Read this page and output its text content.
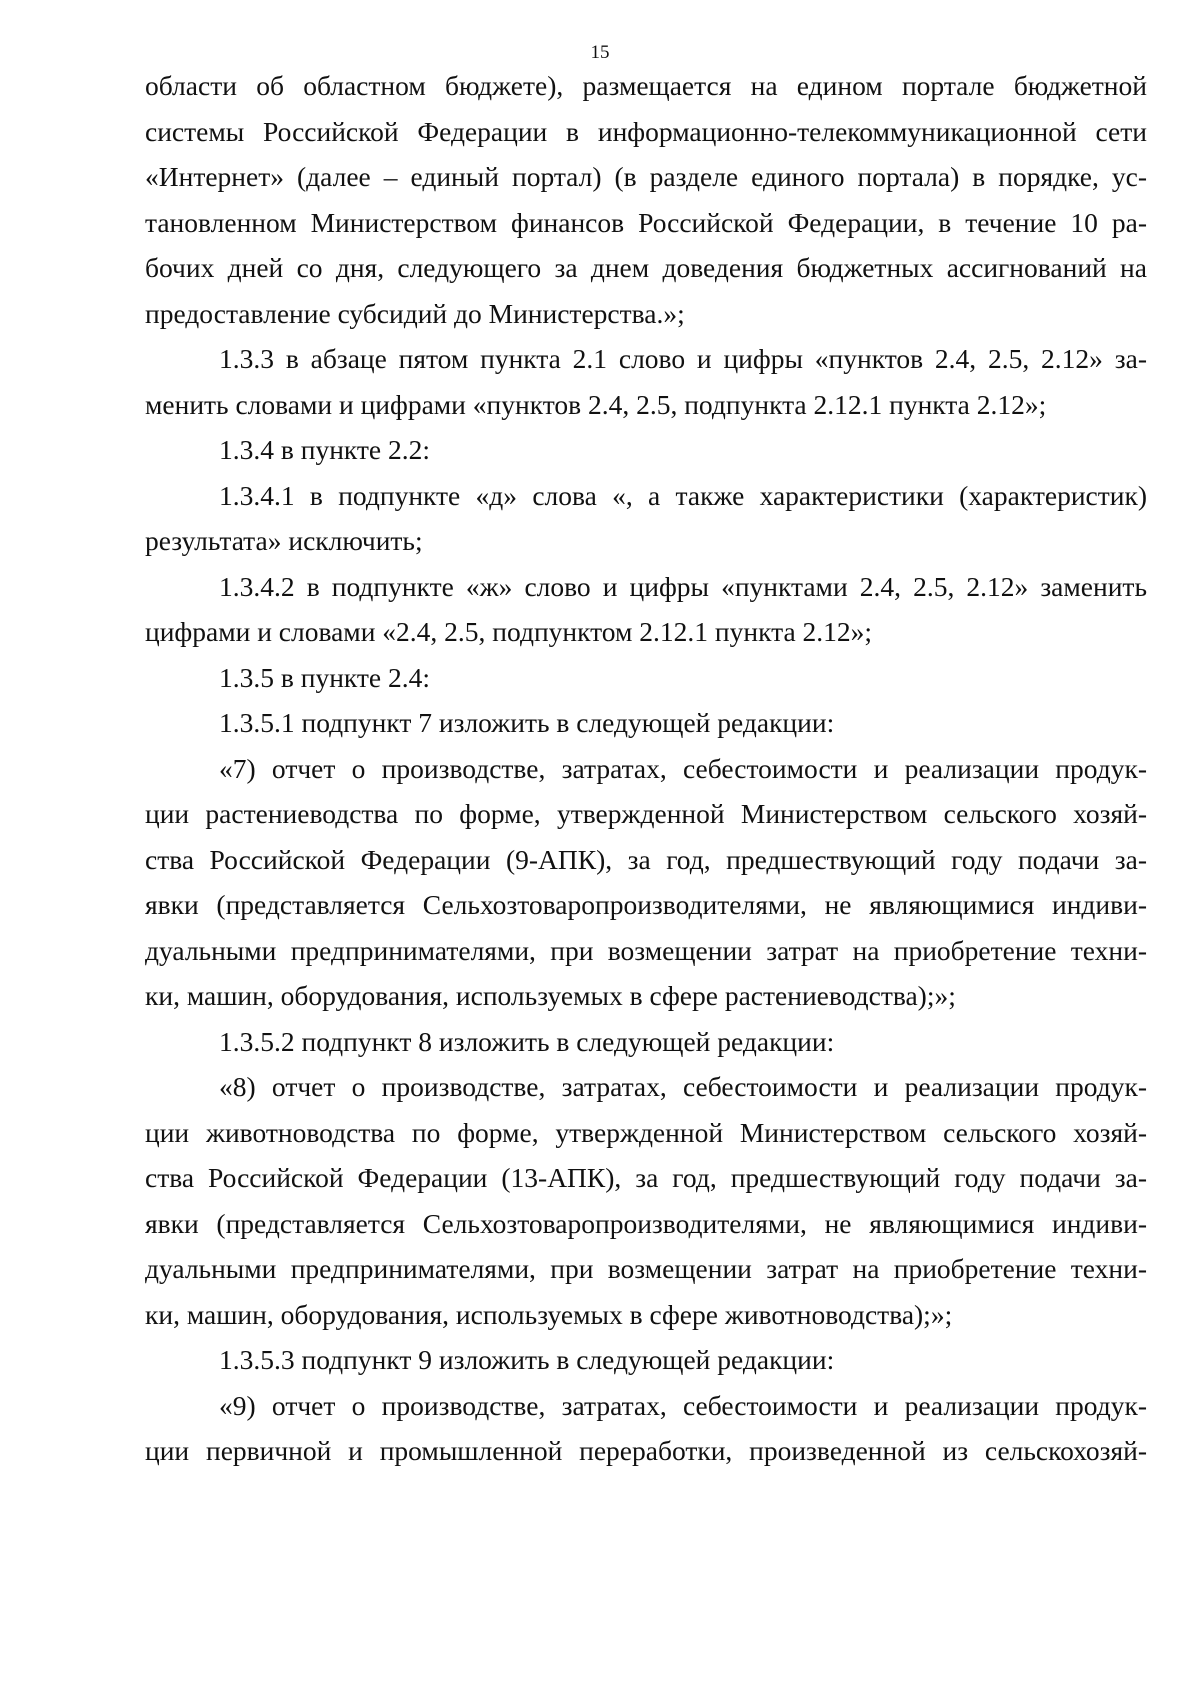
15
области об областном бюджете), размещается на едином портале бюджетной
системы Российской Федерации в информационно-телекоммуникационной сети
«Интернет» (далее – единый портал) (в разделе единого портала) в порядке, ус-
тановленном Министерством финансов Российской Федерации, в течение 10 ра-
бочих дней со дня, следующего за днем доведения бюджетных ассигнований на
предоставление субсидий до Министерства.»;
1.3.3 в абзаце пятом пункта 2.1 слово и цифры «пунктов 2.4, 2.5, 2.12» за-
менить словами и цифрами «пунктов 2.4, 2.5, подпункта 2.12.1 пункта 2.12»;
1.3.4 в пункте 2.2:
1.3.4.1 в подпункте «д» слова «, а также характеристики (характеристик)
результата» исключить;
1.3.4.2 в подпункте «ж» слово и цифры «пунктами 2.4, 2.5, 2.12» заменить
цифрами и словами «2.4, 2.5, подпунктом 2.12.1 пункта 2.12»;
1.3.5 в пункте 2.4:
1.3.5.1 подпункт 7 изложить в следующей редакции:
«7) отчет о производстве, затратах, себестоимости и реализации продук-
ции растениеводства по форме, утвержденной Министерством сельского хозяй-
ства Российской Федерации (9-АПК), за год, предшествующий году подачи за-
явки (представляется Сельхозтоваропроизводителями, не являющимися индиви-
дуальными предпринимателями, при возмещении затрат на приобретение техни-
ки, машин, оборудования, используемых в сфере растениеводства);»;
1.3.5.2 подпункт 8 изложить в следующей редакции:
«8) отчет о производстве, затратах, себестоимости и реализации продук-
ции животноводства по форме, утвержденной Министерством сельского хозяй-
ства Российской Федерации (13-АПК), за год, предшествующий году подачи за-
явки (представляется Сельхозтоваропроизводителями, не являющимися индиви-
дуальными предпринимателями, при возмещении затрат на приобретение техни-
ки, машин, оборудования, используемых в сфере животноводства);»;
1.3.5.3 подпункт 9 изложить в следующей редакции:
«9) отчет о производстве, затратах, себестоимости и реализации продук-
ции первичной и промышленной переработки, произведенной из сельскохозяй-
